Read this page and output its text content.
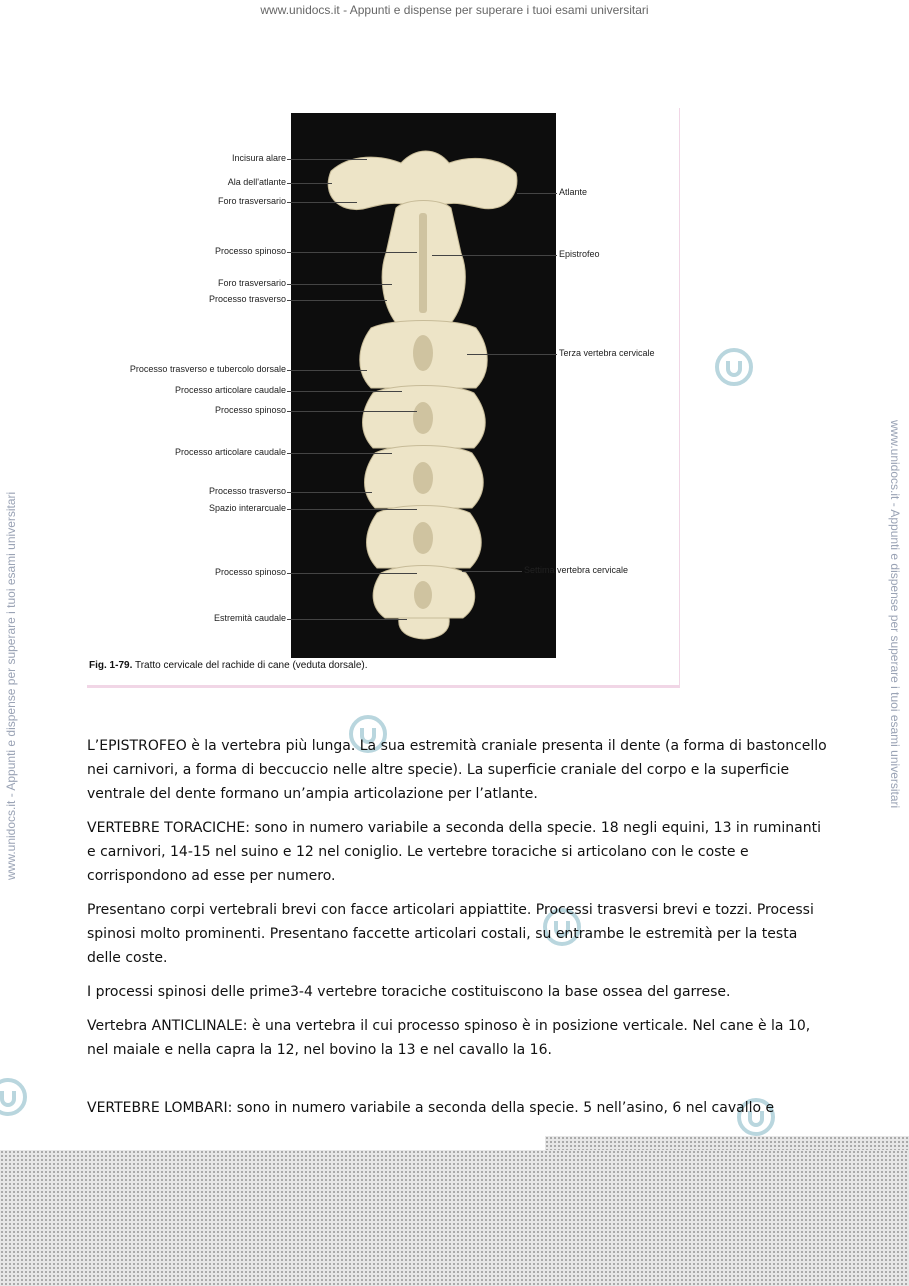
www.unidocs.it - Appunti e dispense per superare i tuoi esami universitari
www.unidocs.it - Appunti e dispense per superare i tuoi esami universitari	www.unidocs.it - Appunti e dispense per superare i tuoi esami universitari
Incisura alare
Ala dell'atlante
Foro trasversario
Processo spinoso
Foro trasversario
Processo trasverso
Processo trasverso e tubercolo dorsale
Processo articolare caudale
Processo spinoso
Processo articolare caudale
Processo trasverso
Spazio interarcuale
Processo spinoso
Estremità caudale
Atlante
Epistrofeo
Terza vertebra cervicale
Settima vertebra cervicale
Fig. 1-79. Tratto cervicale del rachide di cane (veduta dorsale).

L’EPISTROFEO è la vertebra più lunga. La sua estremità craniale presenta il dente (a forma di bastoncello nei carnivori, a forma di beccuccio nelle altre specie). La superficie craniale del corpo e la superficie ventrale del dente formano un’ampia articolazione per l’atlante.

VERTEBRE TORACICHE: sono in numero variabile a seconda della specie. 18 negli equini, 13 in ruminanti e carnivori, 14-15 nel suino e 12 nel coniglio. Le vertebre toraciche si articolano con le coste e corrispondono ad esse per numero.

Presentano corpi vertebrali brevi con facce articolari appiattite. Processi trasversi brevi e tozzi. Processi spinosi molto prominenti. Presentano faccette articolari costali, su entrambe le estremità per la testa delle coste.

I processi spinosi delle prime3-4 vertebre toraciche costituiscono la base ossea del garrese.

Vertebra ANTICLINALE: è una vertebra il cui processo spinoso è in posizione verticale. Nel cane è la 10, nel maiale e nella capra la 12, nel bovino la 13 e nel cavallo la 16.

VERTEBRE LOMBARI: sono in numero variabile a seconda della specie. 5 nell’asino, 6 nel cavallo e
